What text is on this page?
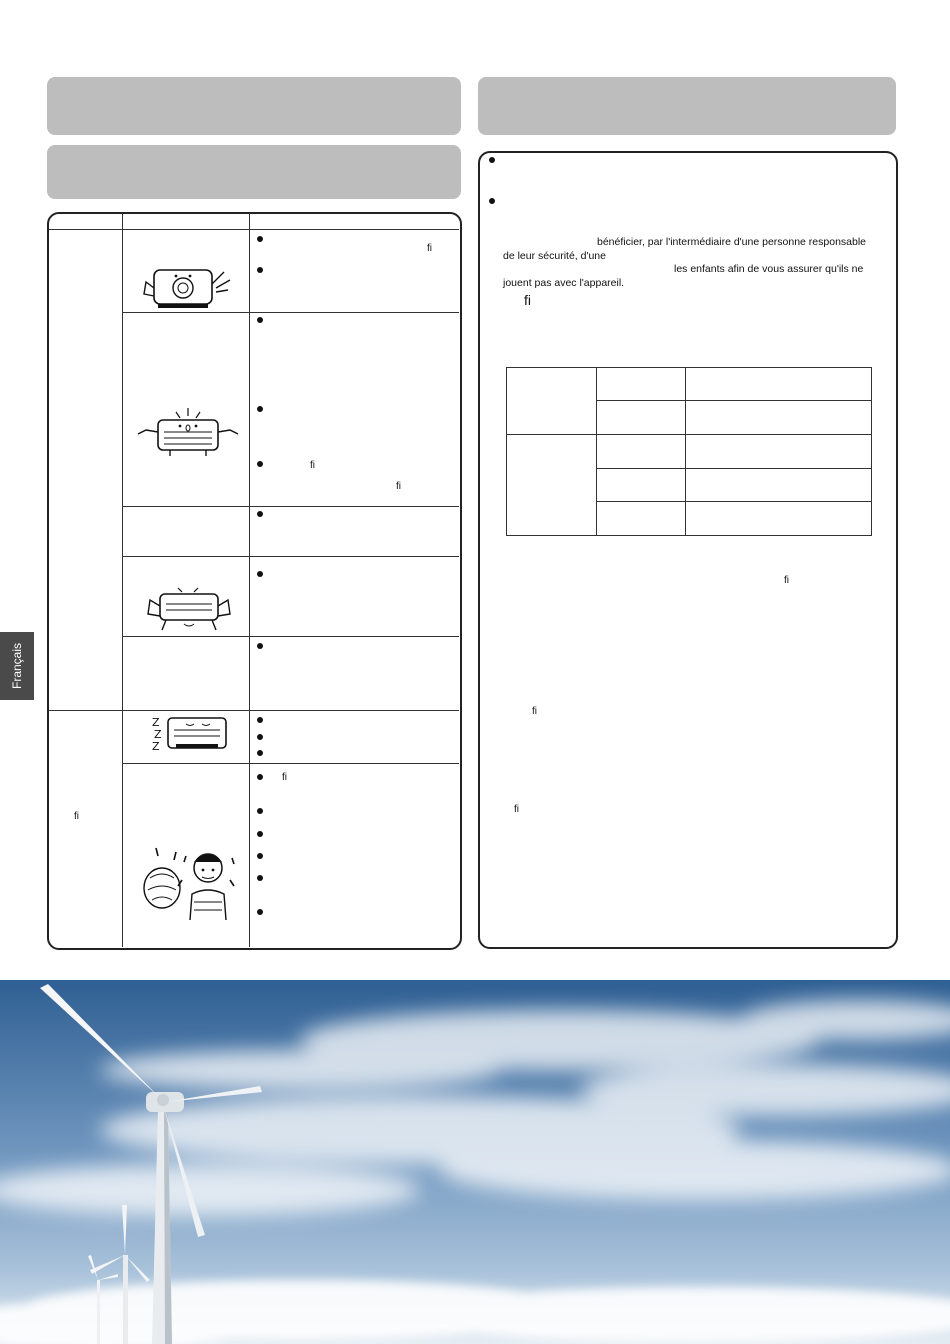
Français
fi
fi
fi
fi
fi
Z
Z
Z
bénéficier, par l'intermédiaire d'une personne responsable
de leur sécurité, d'une
les enfants afin de vous assurer qu'ils ne
jouent pas avec l'appareil.
fi
fi
fi
fi
